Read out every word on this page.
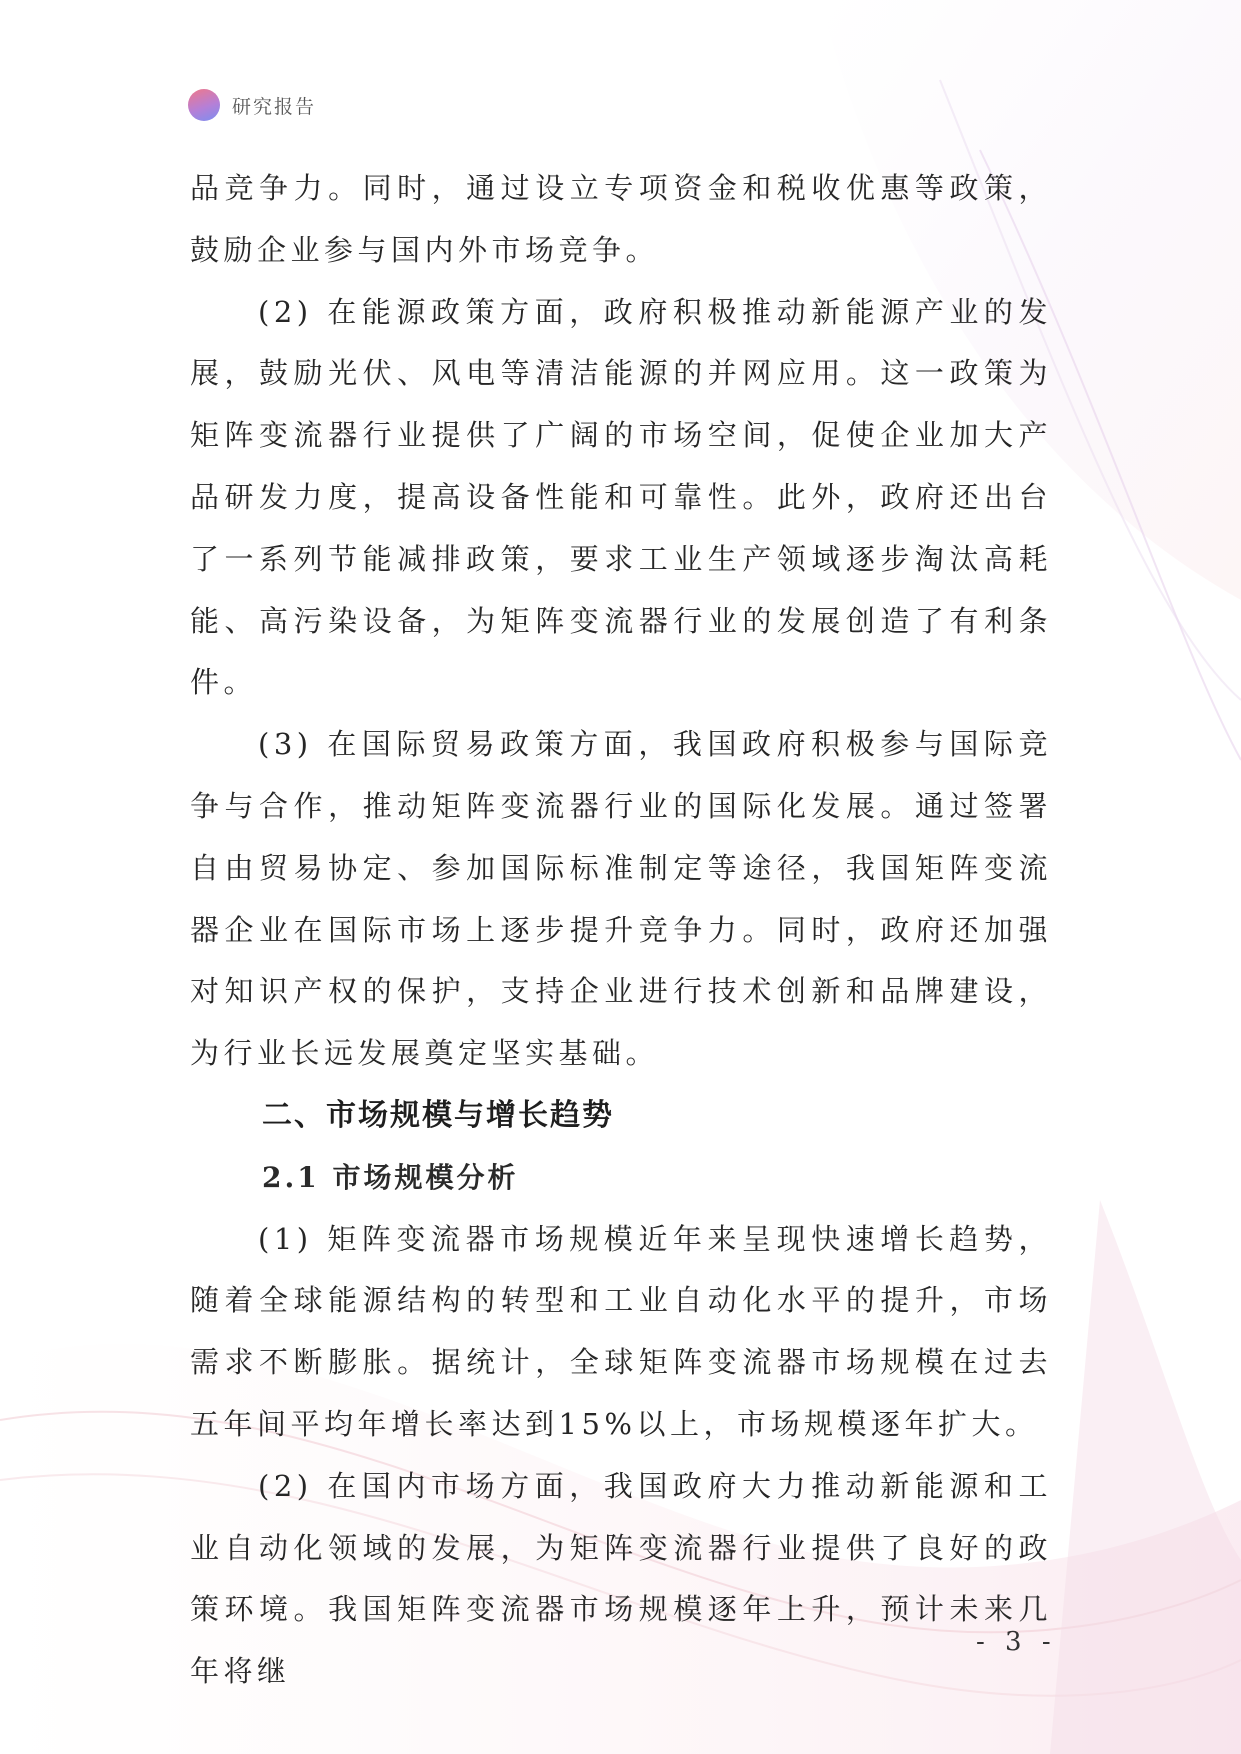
研究报告

品竞争力。同时，通过设立专项资金和税收优惠等政策，鼓励企业参与国内外市场竞争。

(2) 在能源政策方面，政府积极推动新能源产业的发展，鼓励光伏、风电等清洁能源的并网应用。这一政策为矩阵变流器行业提供了广阔的市场空间，促使企业加大产品研发力度，提高设备性能和可靠性。此外，政府还出台了一系列节能减排政策，要求工业生产领域逐步淘汰高耗能、高污染设备，为矩阵变流器行业的发展创造了有利条件。

(3) 在国际贸易政策方面，我国政府积极参与国际竞争与合作，推动矩阵变流器行业的国际化发展。通过签署自由贸易协定、参加国际标准制定等途径，我国矩阵变流器企业在国际市场上逐步提升竞争力。同时，政府还加强对知识产权的保护，支持企业进行技术创新和品牌建设，为行业长远发展奠定坚实基础。

二、市场规模与增长趋势
2.1 市场规模分析

(1) 矩阵变流器市场规模近年来呈现快速增长趋势，随着全球能源结构的转型和工业自动化水平的提升，市场需求不断膨胀。据统计，全球矩阵变流器市场规模在过去五年间平均年增长率达到15%以上，市场规模逐年扩大。

(2) 在国内市场方面，我国政府大力推动新能源和工业自动化领域的发展，为矩阵变流器行业提供了良好的政策环境。我国矩阵变流器市场规模逐年上升，预计未来几年将继

- 3 -
